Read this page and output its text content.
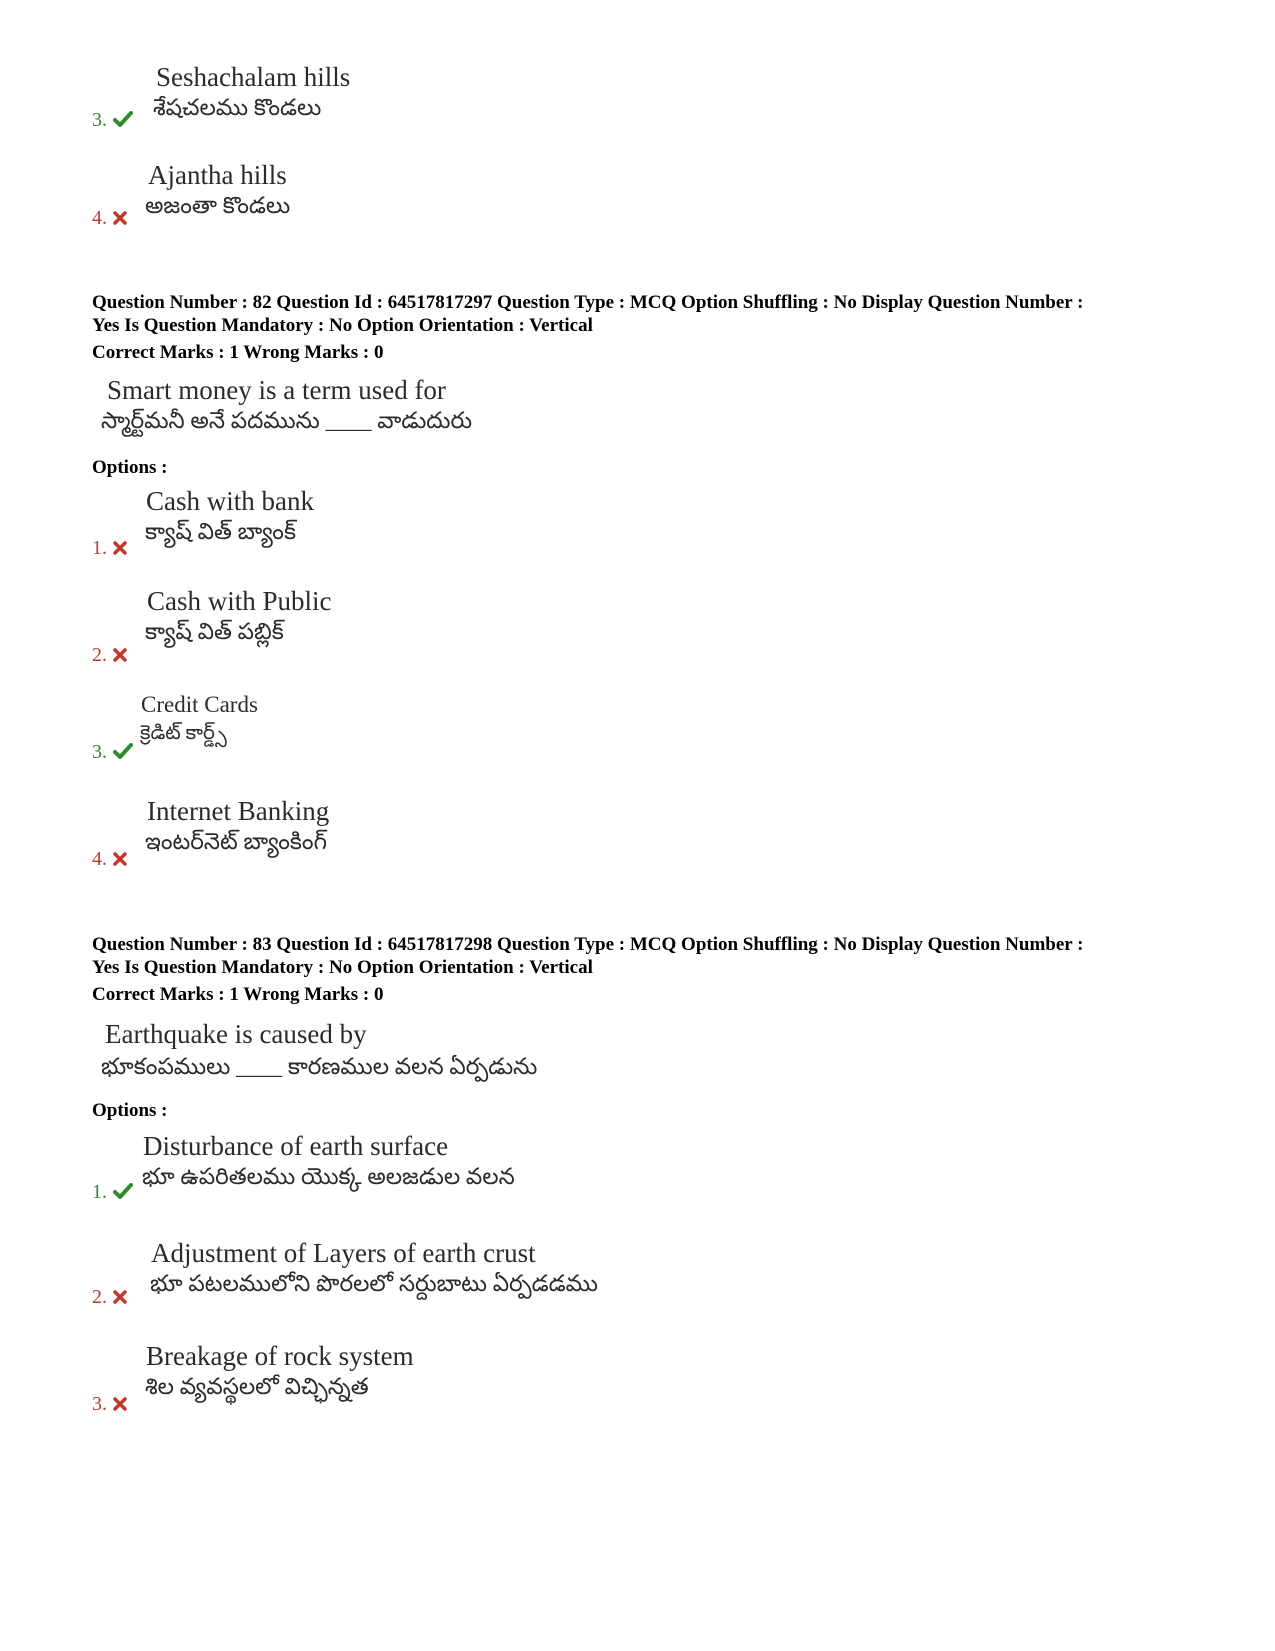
Seshachalam hills
శేషచలము కొండలు
3.
Ajantha hills
అజంతా కొండలు
4.
Question Number : 82 Question Id : 64517817297 Question Type : MCQ Option Shuffling : No Display Question Number :
Yes Is Question Mandatory : No Option Orientation : Vertical
Correct Marks : 1 Wrong Marks : 0
Smart money is a term used for
స్మార్ట్‌మనీ అనే పదమును ____ వాడుదురు
Options :
Cash with bank
క్యాష్ విత్ బ్యాంక్
1.
Cash with Public
క్యాష్ విత్ పబ్లిక్
2.
Credit Cards
క్రెడిట్ కార్డ్స్
3.
Internet Banking
ఇంటర్‌నెట్ బ్యాంకింగ్
4.
Question Number : 83 Question Id : 64517817298 Question Type : MCQ Option Shuffling : No Display Question Number :
Yes Is Question Mandatory : No Option Orientation : Vertical
Correct Marks : 1 Wrong Marks : 0
Earthquake is caused by
భూకంపములు ____ కారణముల వలన ఏర్పడును
Options :
Disturbance of earth surface
భూ ఉపరితలము యొక్క అలజడుల వలన
1.
Adjustment of Layers of earth crust
భూ పటలములోని పొరలలో సర్దుబాటు ఏర్పడడము
2.
Breakage of rock system
శిల వ్యవస్థలలో విచ్ఛిన్నత
3.
